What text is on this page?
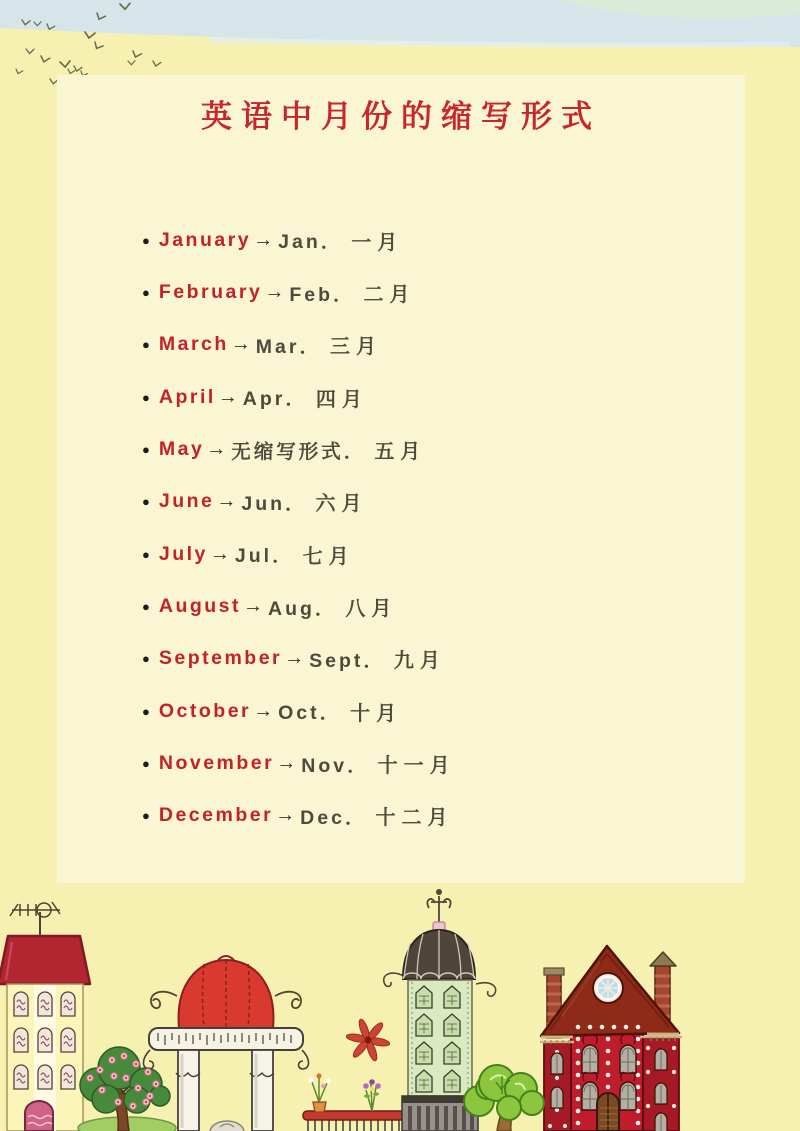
英语中月份的缩写形式
● January → Jan． 一月
● February → Feb． 二月
● March → Mar． 三月
● April → Apr． 四月
● May → 无缩写形式． 五月
● June → Jun． 六月
● July → Jul． 七月
● August → Aug． 八月
● September → Sept． 九月
● October → Oct． 十月
● November → Nov． 十一月
● December → Dec． 十二月
